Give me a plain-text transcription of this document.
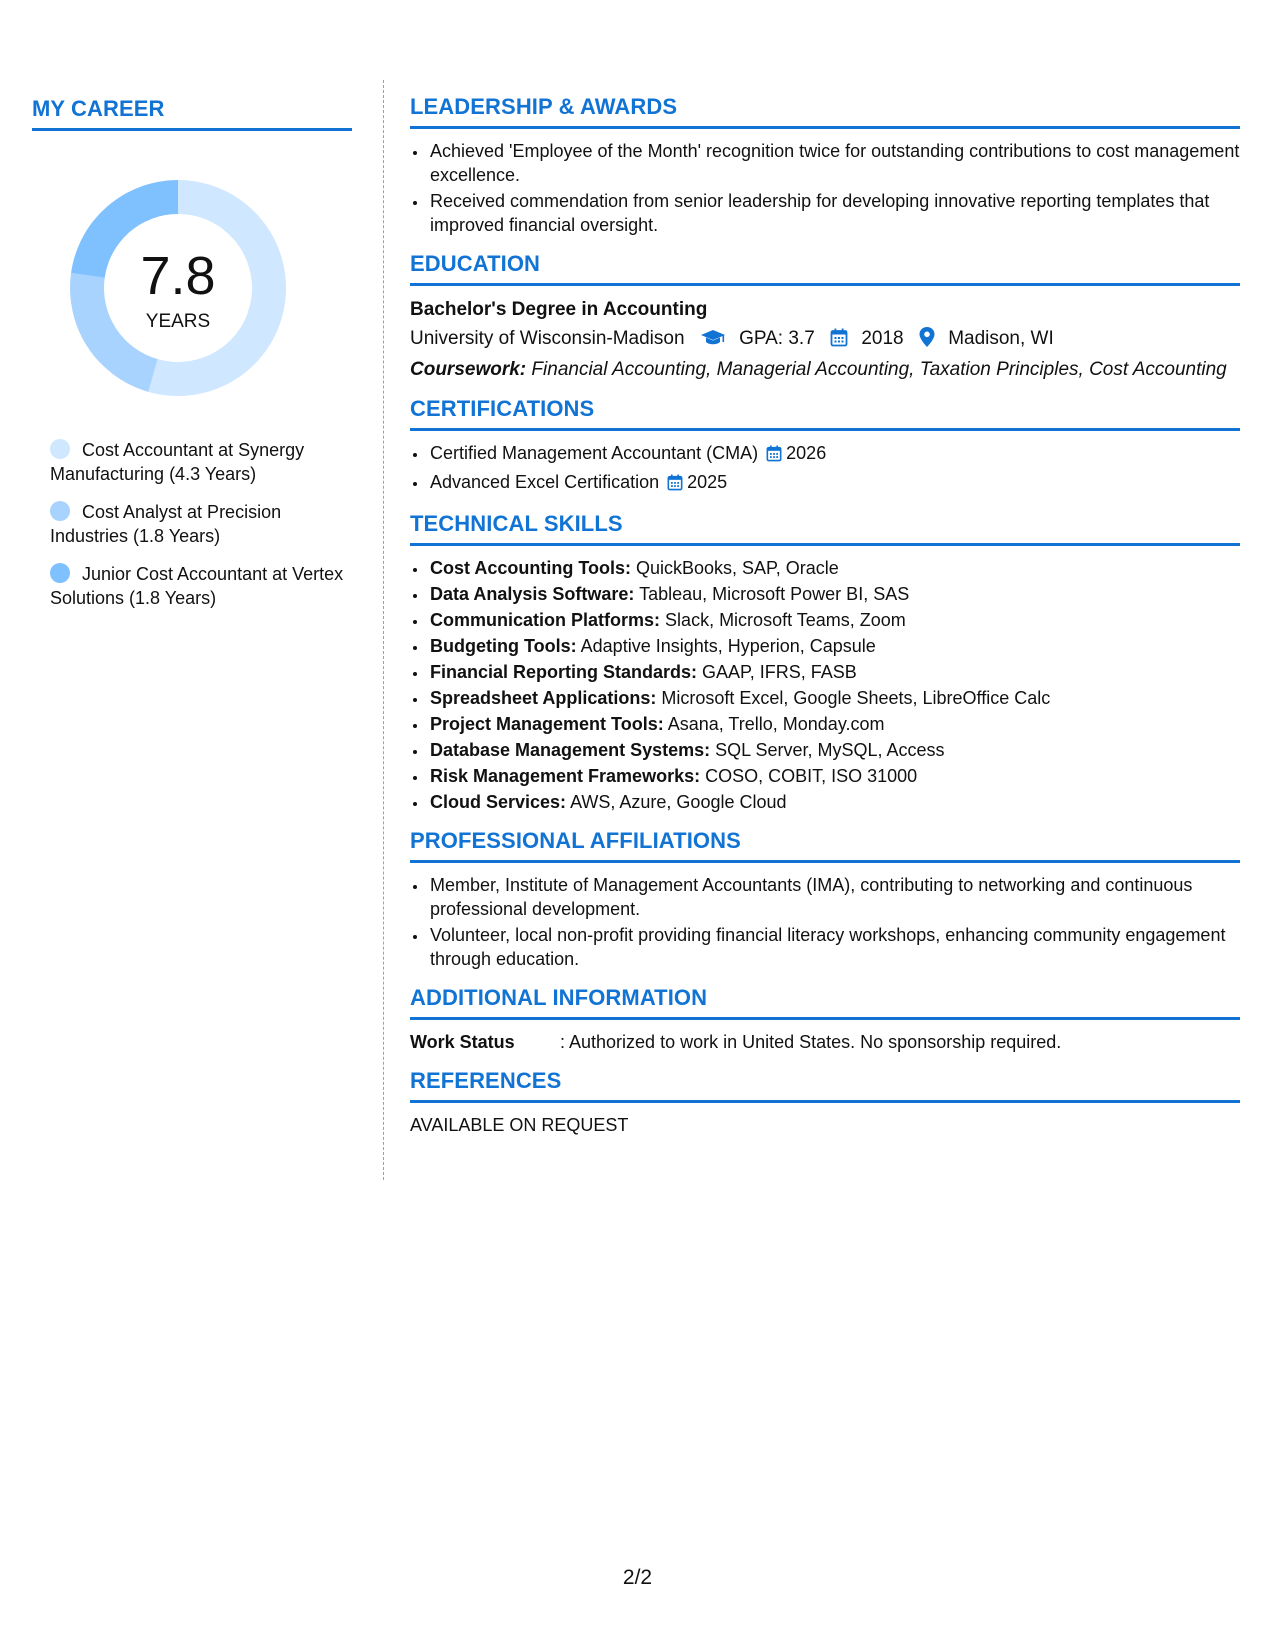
MY CAREER
7.8
YEARS
Cost Accountant at Synergy Manufacturing (4.3 Years)
Cost Analyst at Precision Industries (1.8 Years)
Junior Cost Accountant at Vertex Solutions (1.8 Years)
LEADERSHIP & AWARDS
• Achieved 'Employee of the Month' recognition twice for outstanding contributions to cost management excellence.
• Received commendation from senior leadership for developing innovative reporting templates that improved financial oversight.
EDUCATION
Bachelor's Degree in Accounting
University of Wisconsin-Madison	GPA: 3.7 2018 Madison, WI
Coursework: Financial Accounting, Managerial Accounting, Taxation Principles, Cost Accounting
CERTIFICATIONS
• Certified Management Accountant (CMA) 2026
• Advanced Excel Certification 2025
TECHNICAL SKILLS
• Cost Accounting Tools: QuickBooks, SAP, Oracle
• Data Analysis Software: Tableau, Microsoft Power BI, SAS
• Communication Platforms: Slack, Microsoft Teams, Zoom
• Budgeting Tools: Adaptive Insights, Hyperion, Capsule
• Financial Reporting Standards: GAAP, IFRS, FASB
• Spreadsheet Applications: Microsoft Excel, Google Sheets, LibreOffice Calc
• Project Management Tools: Asana, Trello, Monday.com
• Database Management Systems: SQL Server, MySQL, Access
• Risk Management Frameworks: COSO, COBIT, ISO 31000
• Cloud Services: AWS, Azure, Google Cloud
PROFESSIONAL AFFILIATIONS
• Member, Institute of Management Accountants (IMA), contributing to networking and continuous professional development.
• Volunteer, local non-profit providing financial literacy workshops, enhancing community engagement through education.
ADDITIONAL INFORMATION
Work Status	: Authorized to work in United States. No sponsorship required.
REFERENCES
AVAILABLE ON REQUEST
2/2
